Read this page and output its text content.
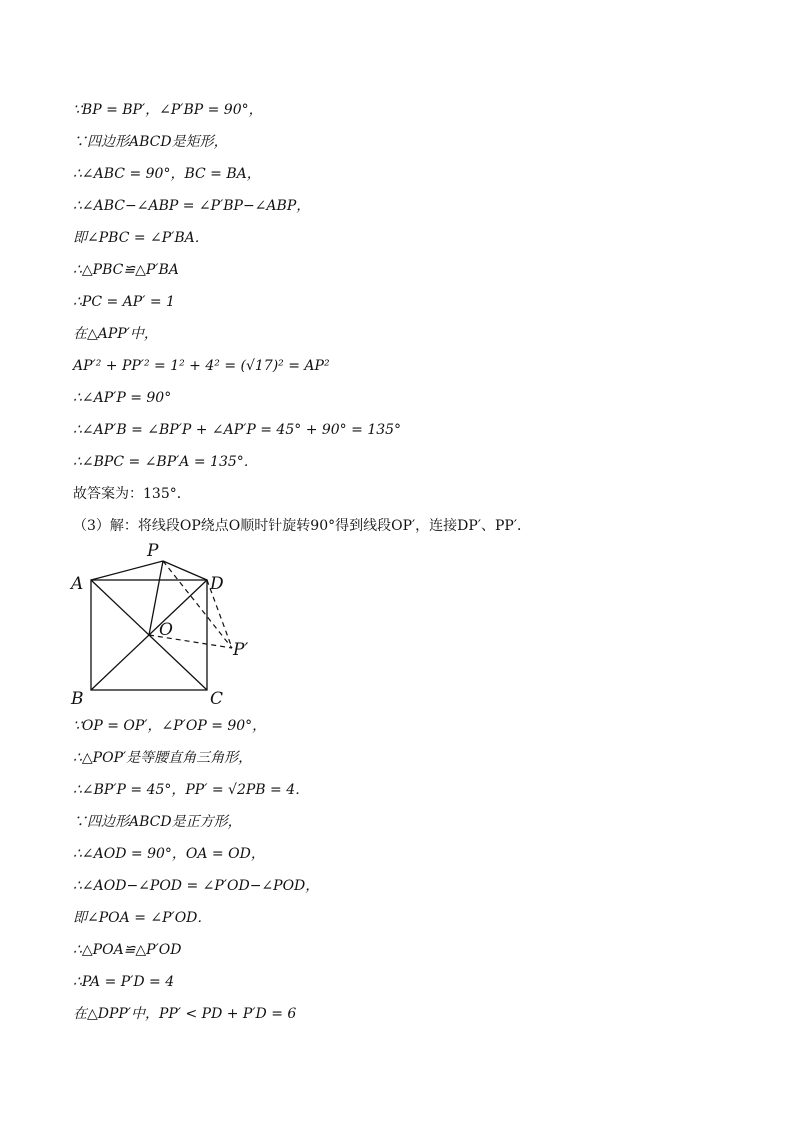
∵BP = BP′，∠P′BP = 90°，
∵四边形ABCD是矩形，
∴∠ABC = 90°，BC = BA，
∴∠ABC−∠ABP = ∠P′BP−∠ABP，
即∠PBC = ∠P′BA．
∴△PBC≌△P′BA
∴PC = AP′ = 1
在△APP′中，
AP′² + PP′² = 1² + 4² = (√17)² = AP²
∴∠AP′P = 90°
∴∠AP′B = ∠BP′P + ∠AP′P = 45° + 90° = 135°
∴∠BPC = ∠BP′A = 135°．
故答案为：135°．
（3）解：将线段OP绕点O顺时针旋转90°得到线段OP′，连接DP′、PP′．
P
A	D
O
P′
B	C
∵OP = OP′，∠P′OP = 90°，
∴△POP′是等腰直角三角形，
∴∠BP′P = 45°，PP′ = √2PB = 4．
∵四边形ABCD是正方形，
∴∠AOD = 90°，OA = OD，
∴∠AOD−∠POD = ∠P′OD−∠POD，
即∠POA = ∠P′OD．
∴△POA≌△P′OD
∴PA = P′D = 4
在△DPP′中，PP′ < PD + P′D = 6
